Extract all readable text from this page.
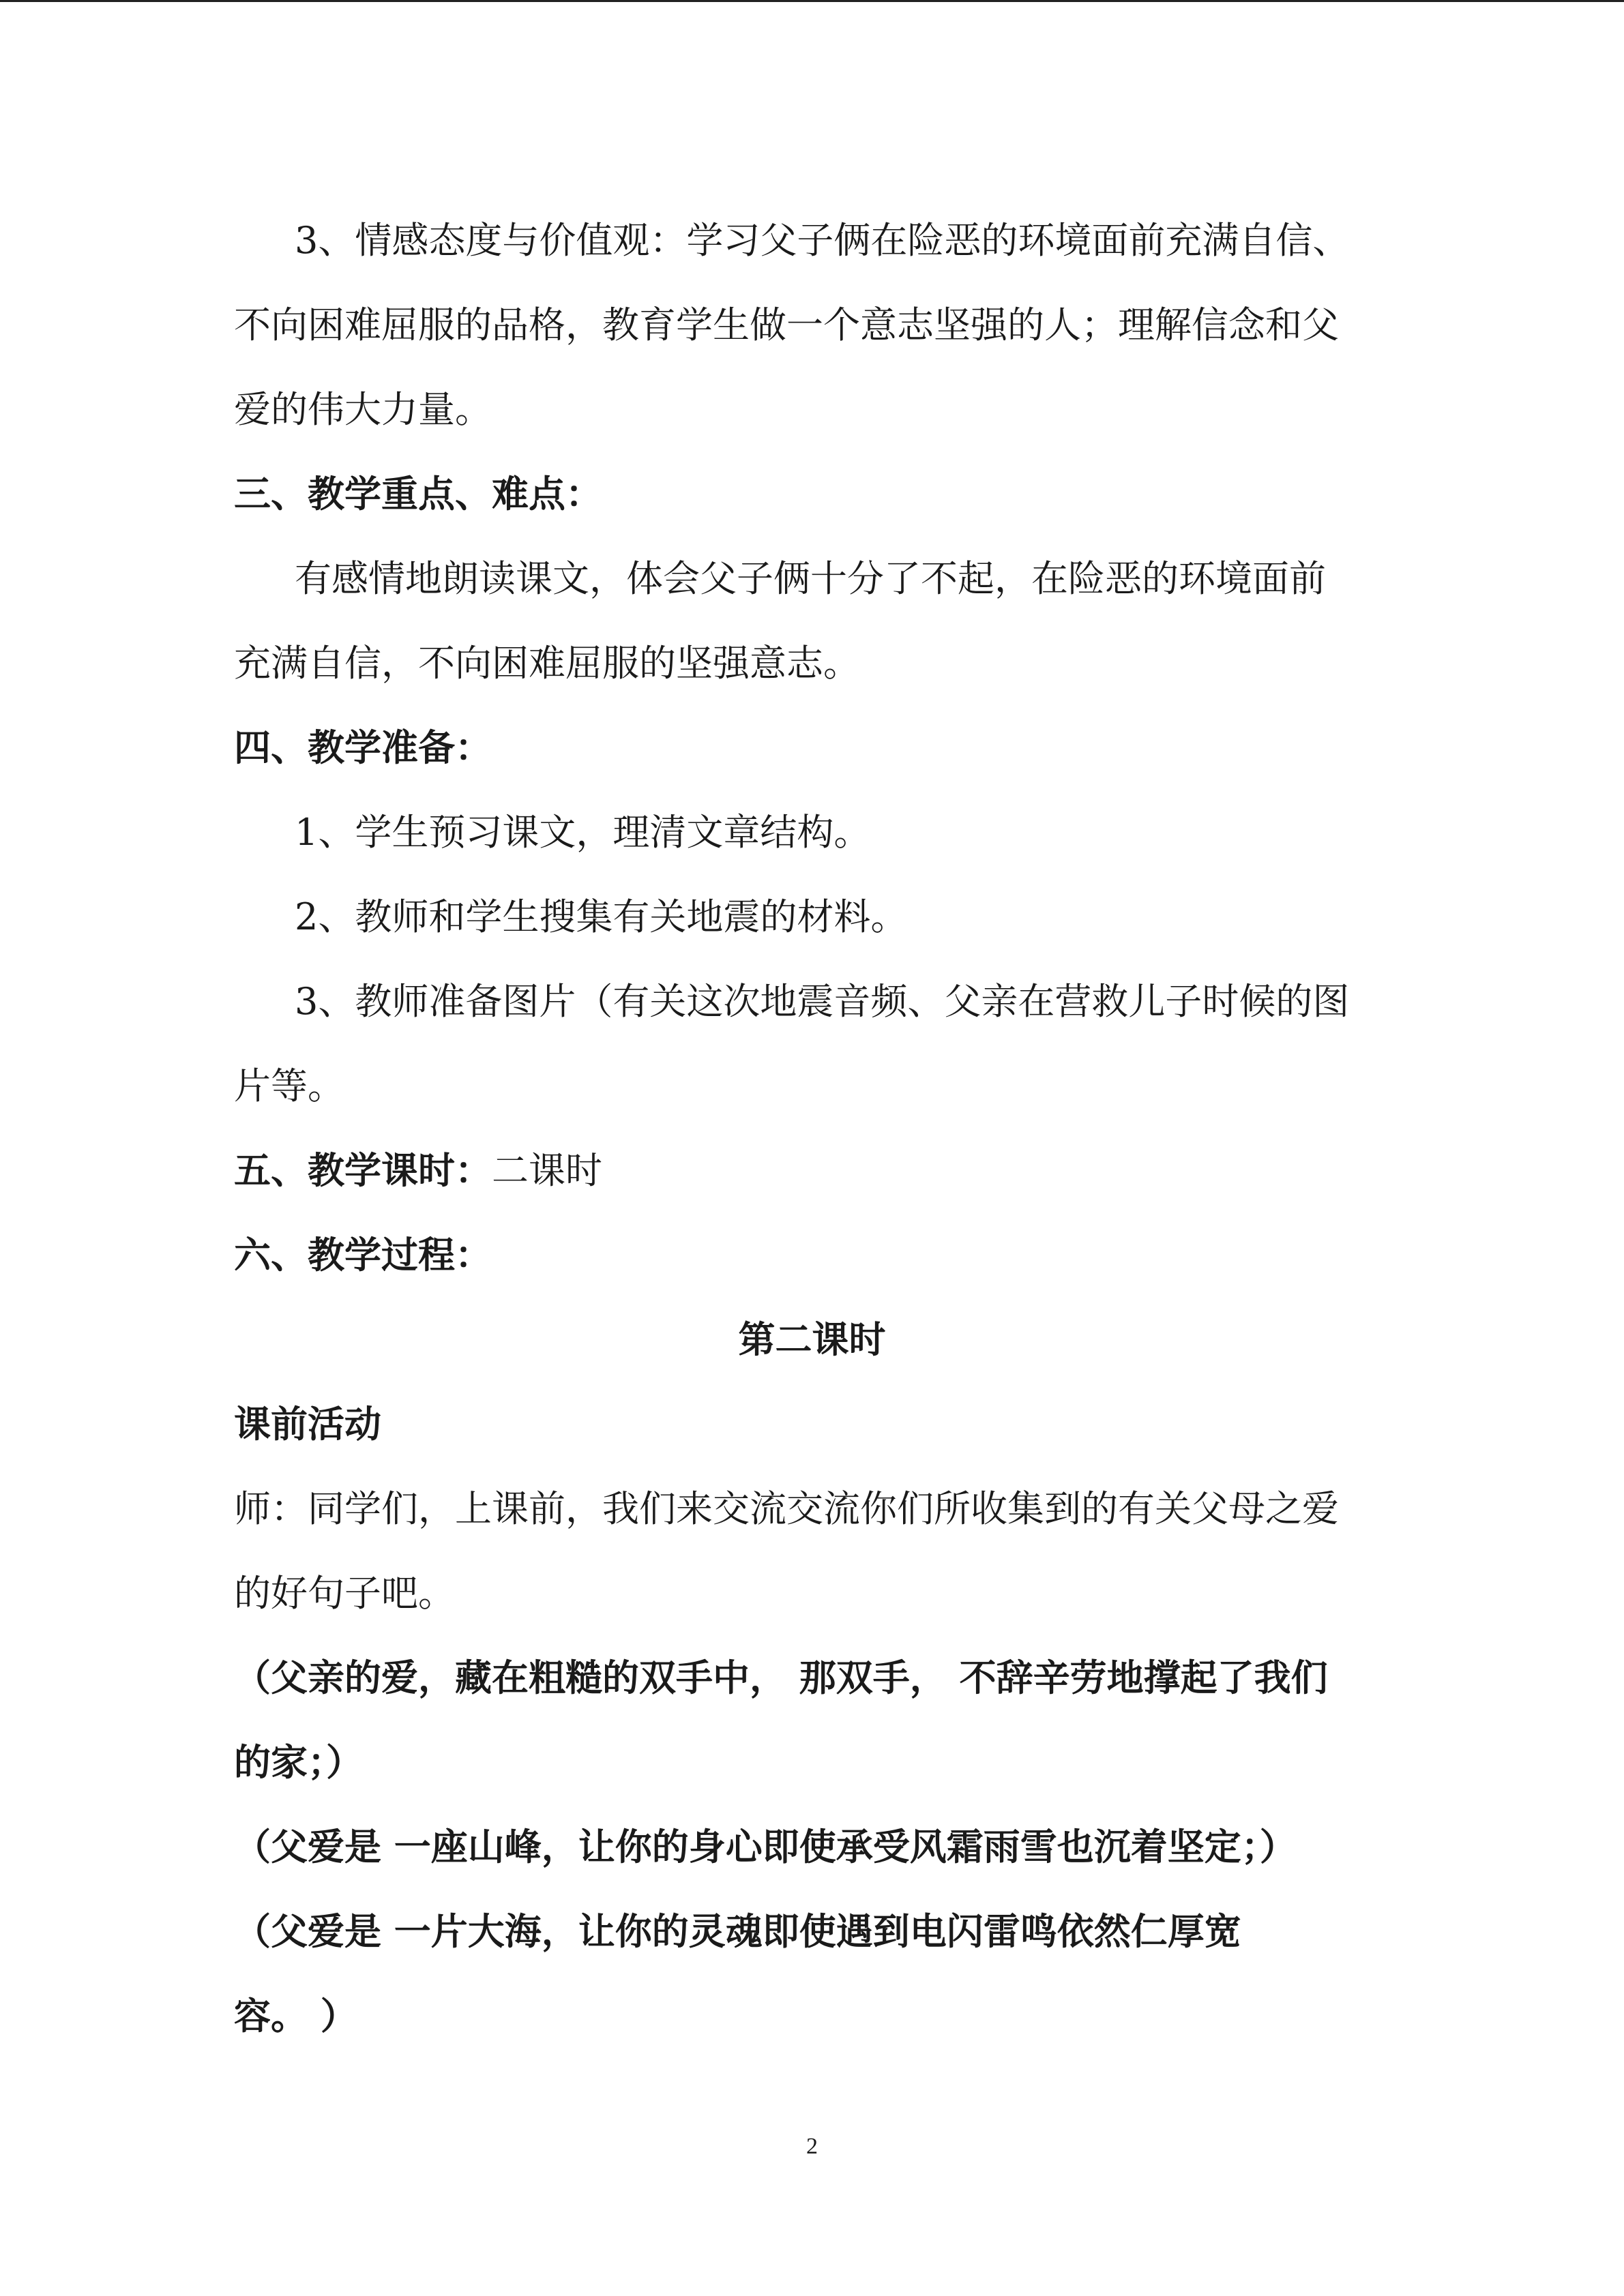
3、情感态度与价值观：学习父子俩在险恶的环境面前充满自信、
不向困难屈服的品格，教育学生做一个意志坚强的人；理解信念和父
爱的伟大力量。
三、教学重点、难点：
有感情地朗读课文，体会父子俩十分了不起，在险恶的环境面前
充满自信，不向困难屈服的坚强意志。
四、教学准备：
1、学生预习课文，理清文章结构。
2、教师和学生搜集有关地震的材料。
3、教师准备图片（有关这次地震音频、父亲在营救儿子时候的图
片等。
五、教学课时：二课时
六、教学过程：
第二课时
课前活动
师：同学们，上课前，我们来交流交流你们所收集到的有关父母之爱
的好句子吧。
（父亲的爱，藏在粗糙的双手中， 那双手， 不辞辛劳地撑起了我们
的家；）
（父爱是 一座山峰，让你的身心即使承受风霜雨雪也沉着坚定；）
（父爱是 一片大海，让你的灵魂即使遇到电闪雷鸣依然仁厚宽
容。 ）
2
